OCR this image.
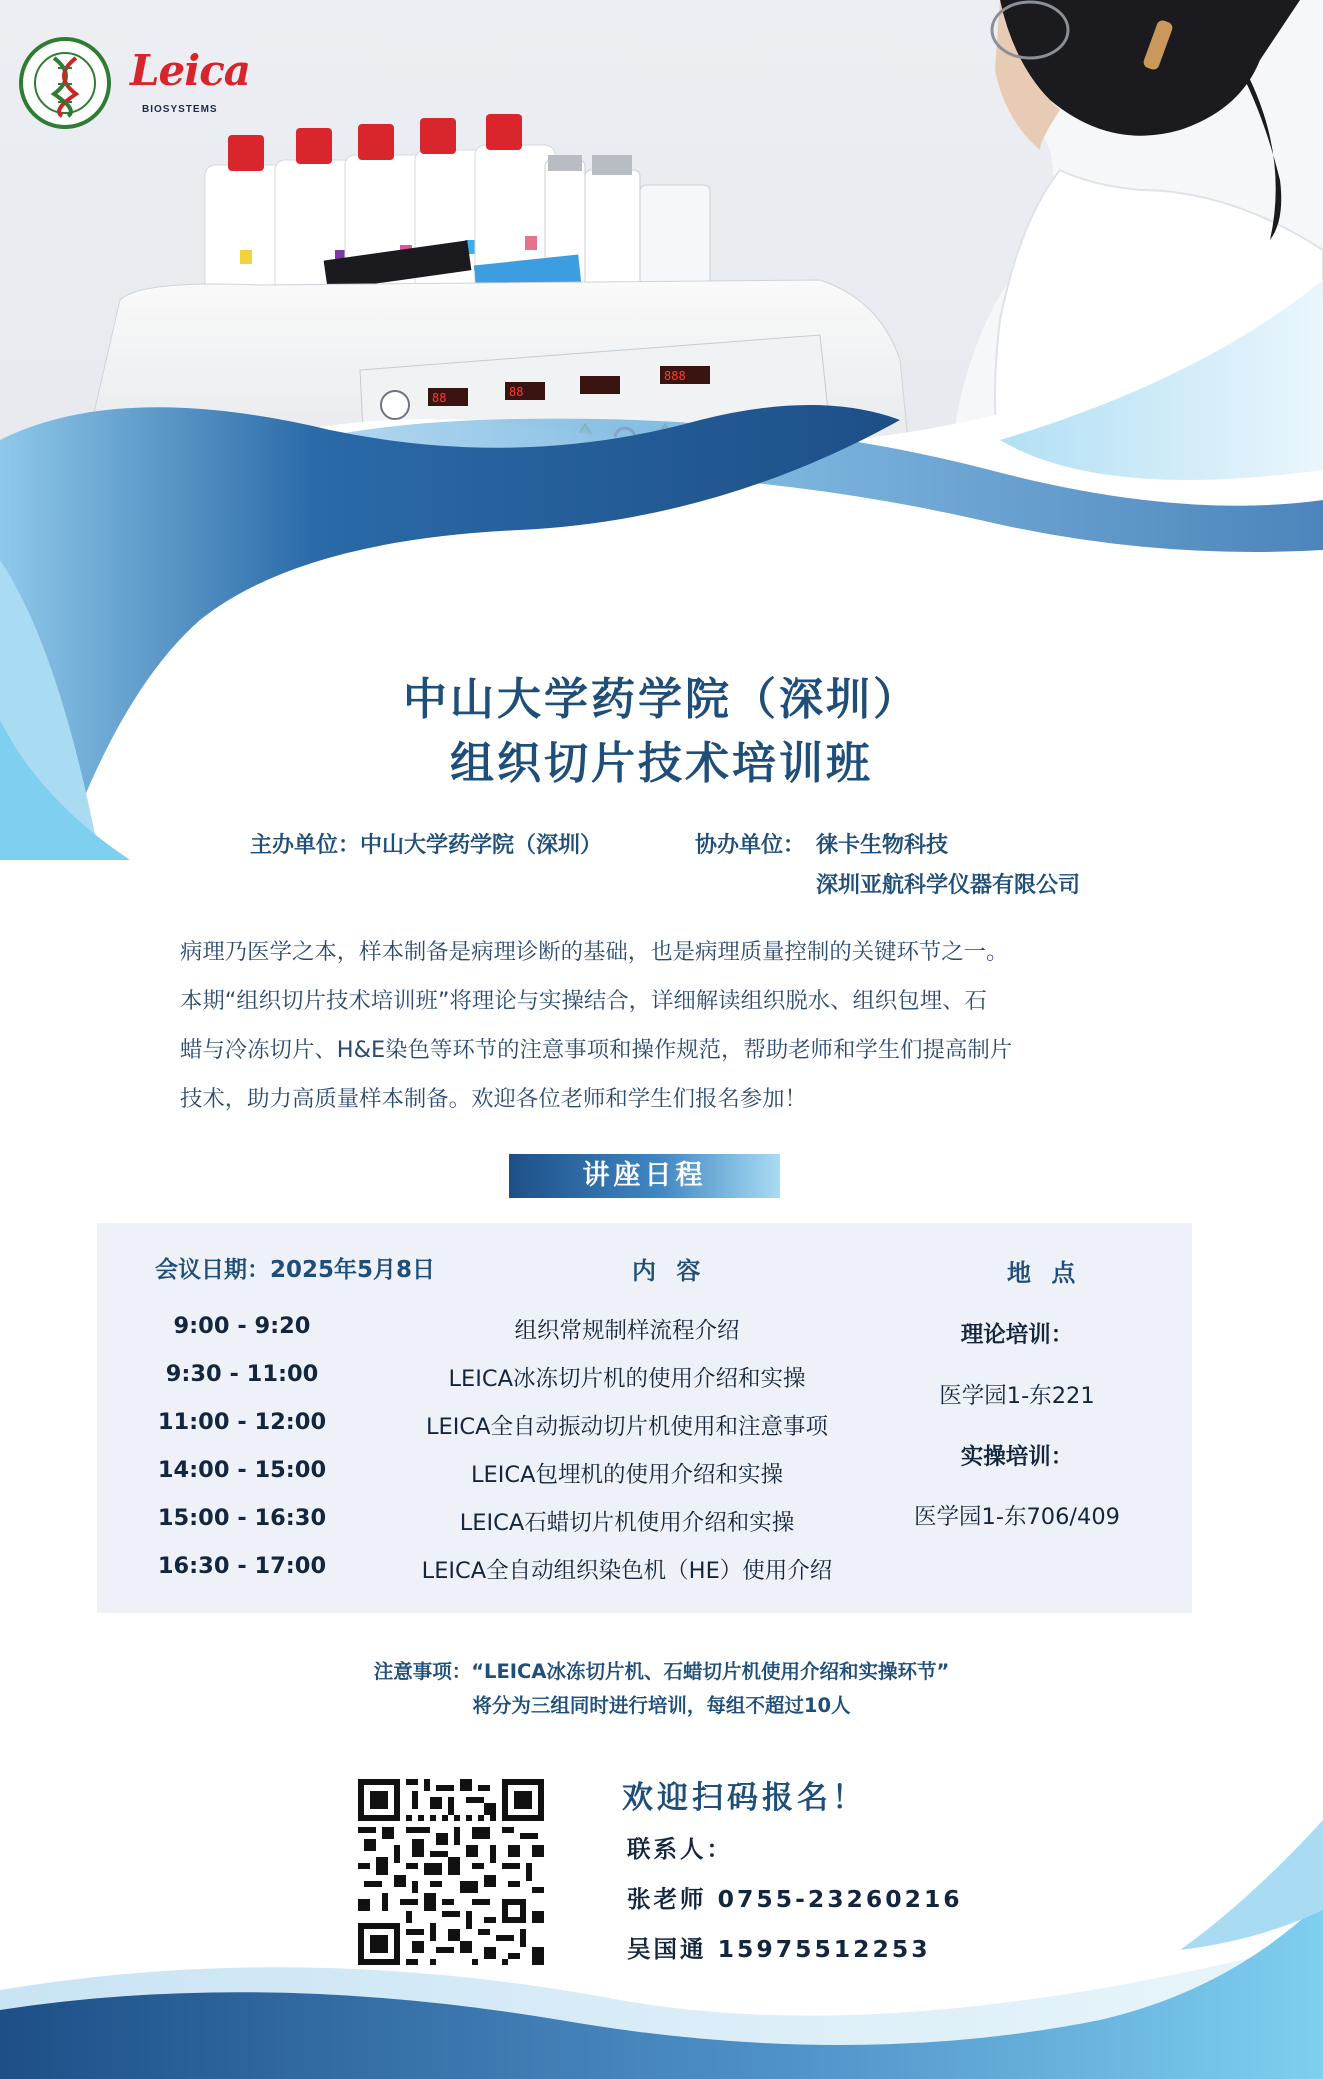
88	88
888
Leica
BIOSYSTEMS
中山大学药学院（深圳）
组织切片技术培训班
主办单位：中山大学药学院（深圳）	协办单位： 徕卡生物科技
深圳亚航科学仪器有限公司
病理乃医学之本，样本制备是病理诊断的基础，也是病理质量控制的关键环节之一。
本期“组织切片技术培训班”将理论与实操结合，详细解读组织脱水、组织包埋、石
蜡与冷冻切片、H&E染色等环节的注意事项和操作规范，帮助老师和学生们提高制片
技术，助力高质量样本制备。欢迎各位老师和学生们报名参加！
讲座日程
会议日期：2025年5月8日	内 容	地 点
9:00 - 9:20	组织常规制样流程介绍
9:30 - 11:00	LEICA冰冻切片机的使用介绍和实操
11:00 - 12:00	LEICA全自动振动切片机使用和注意事项
14:00 - 15:00	LEICA包埋机的使用介绍和实操
15:00 - 16:30	LEICA石蜡切片机使用介绍和实操
16:30 - 17:00	LEICA全自动组织染色机（HE）使用介绍
理论培训：
医学园1-东221
实操培训：
医学园1-东706/409
注意事项：“LEICA冰冻切片机、石蜡切片机使用介绍和实操环节”
将分为三组同时进行培训，每组不超过10人
欢迎扫码报名！
联系人：
张老师 0755-23260216
吴国通 15975512253
